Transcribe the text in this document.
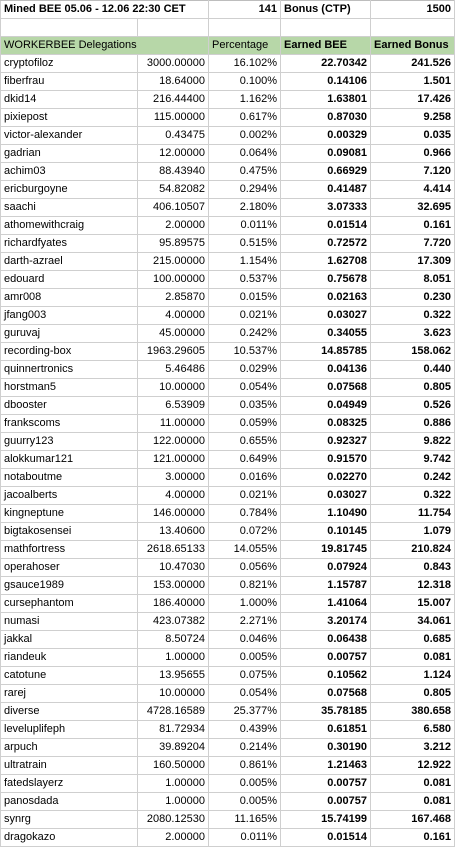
Mined BEE 05.06 - 12.06 22:30 CET		141	Bonus (CTP)	1500

WORKERBEE Delegations		Percentage	Earned BEE	Earned Bonus
cryptofiloz	3000.00000	16.102%	22.70342	241.526
fiberfrau	18.64000	0.100%	0.14106	1.501
dkid14	216.44400	1.162%	1.63801	17.426
pixiepost	115.00000	0.617%	0.87030	9.258
victor-alexander	0.43475	0.002%	0.00329	0.035
gadrian	12.00000	0.064%	0.09081	0.966
achim03	88.43940	0.475%	0.66929	7.120
ericburgoyne	54.82082	0.294%	0.41487	4.414
saachi	406.10507	2.180%	3.07333	32.695
athomewithcraig	2.00000	0.011%	0.01514	0.161
richardfyates	95.89575	0.515%	0.72572	7.720
darth-azrael	215.00000	1.154%	1.62708	17.309
edouard	100.00000	0.537%	0.75678	8.051
amr008	2.85870	0.015%	0.02163	0.230
jfang003	4.00000	0.021%	0.03027	0.322
guruvaj	45.00000	0.242%	0.34055	3.623
recording-box	1963.29605	10.537%	14.85785	158.062
quinnertronics	5.46486	0.029%	0.04136	0.440
horstman5	10.00000	0.054%	0.07568	0.805
dbooster	6.53909	0.035%	0.04949	0.526
frankscoms	11.00000	0.059%	0.08325	0.886
guurry123	122.00000	0.655%	0.92327	9.822
alokkumar121	121.00000	0.649%	0.91570	9.742
notaboutme	3.00000	0.016%	0.02270	0.242
jacoalberts	4.00000	0.021%	0.03027	0.322
kingneptune	146.00000	0.784%	1.10490	11.754
bigtakosensei	13.40600	0.072%	0.10145	1.079
mathfortress	2618.65133	14.055%	19.81745	210.824
operahoser	10.47030	0.056%	0.07924	0.843
gsauce1989	153.00000	0.821%	1.15787	12.318
cursephantom	186.40000	1.000%	1.41064	15.007
numasi	423.07382	2.271%	3.20174	34.061
jakkal	8.50724	0.046%	0.06438	0.685
riandeuk	1.00000	0.005%	0.00757	0.081
catotune	13.95655	0.075%	0.10562	1.124
rarej	10.00000	0.054%	0.07568	0.805
diverse	4728.16589	25.377%	35.78185	380.658
leveluplifeph	81.72934	0.439%	0.61851	6.580
arpuch	39.89204	0.214%	0.30190	3.212
ultratrain	160.50000	0.861%	1.21463	12.922
fatedslayerz	1.00000	0.005%	0.00757	0.081
panosdada	1.00000	0.005%	0.00757	0.081
synrg	2080.12530	11.165%	15.74199	167.468
dragokazo	2.00000	0.011%	0.01514	0.161
